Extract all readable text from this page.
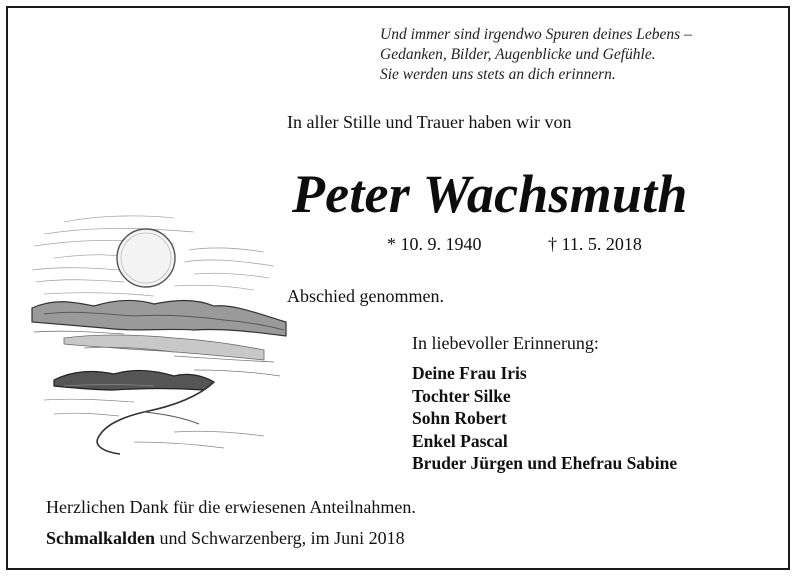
Und immer sind irgendwo Spuren deines Lebens –
Gedanken, Bilder, Augenblicke und Gefühle.
Sie werden uns stets an dich erinnern.
In aller Stille und Trauer haben wir von
Peter Wachsmuth
* 10. 9. 1940	† 11. 5. 2018
Abschied genommen.
In liebevoller Erinnerung:
Deine Frau Iris
Tochter Silke
Sohn Robert
Enkel Pascal
Bruder Jürgen und Ehefrau Sabine
Herzlichen Dank für die erwiesenen Anteilnahmen.
Schmalkalden und Schwarzenberg, im Juni 2018
